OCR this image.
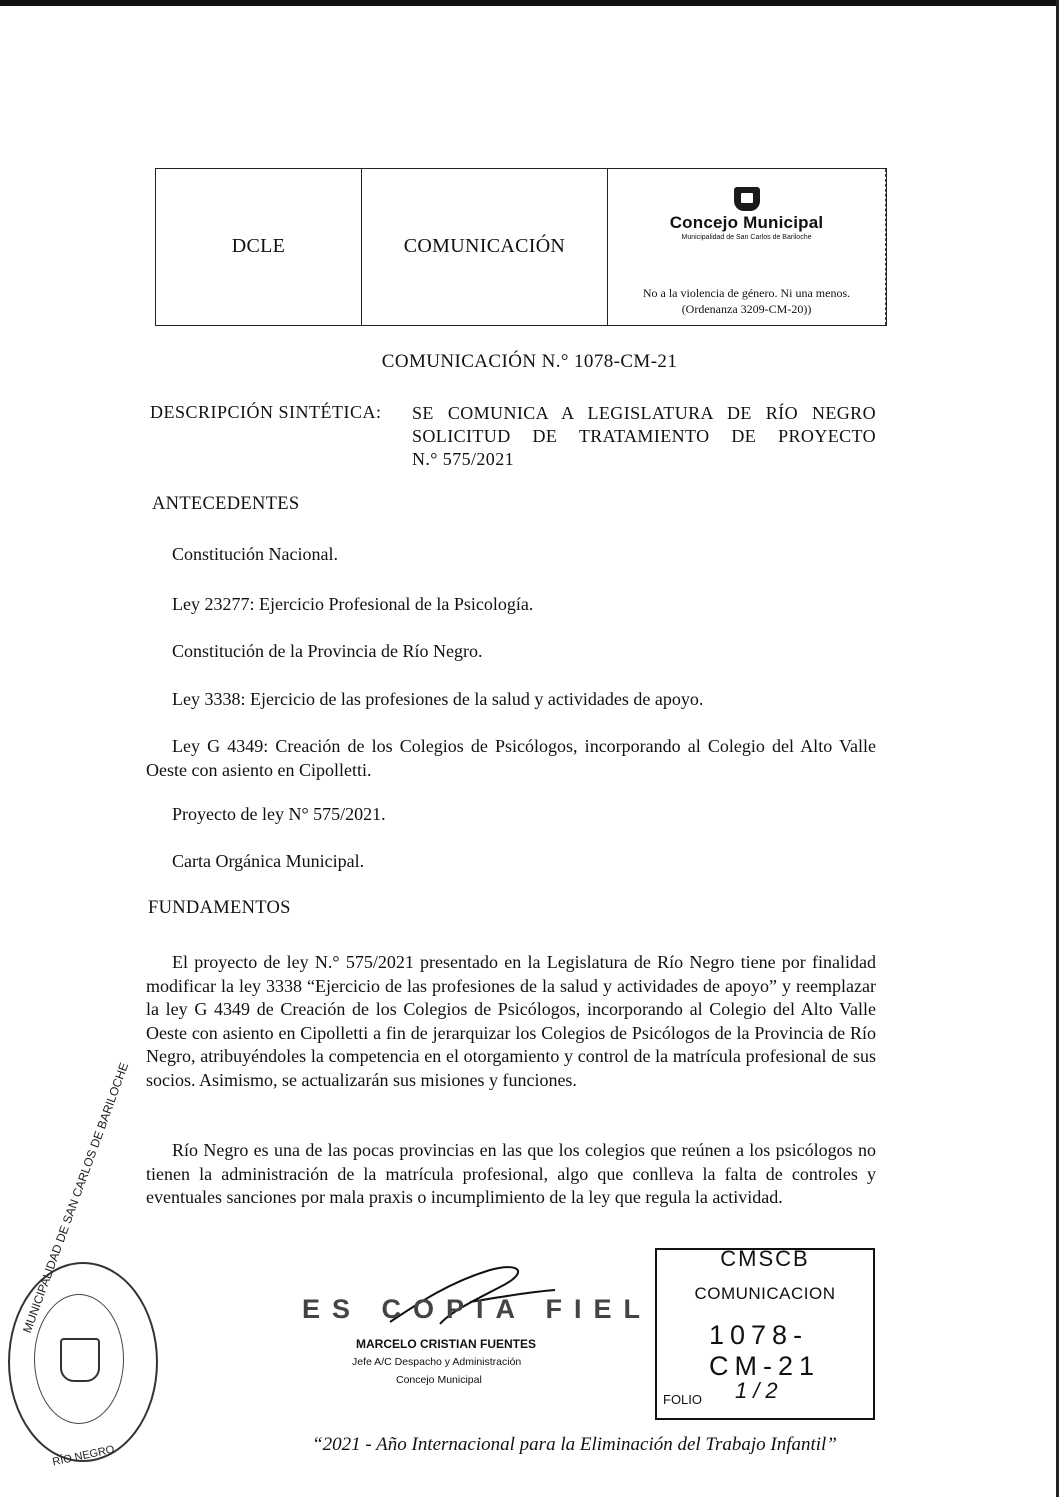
DCLE	COMUNICACIÓN
Concejo Municipal
Municipalidad de San Carlos de Bariloche
No a la violencia de género. Ni una menos.
(Ordenanza 3209-CM-20))
COMUNICACIÓN N.° 1078-CM-21
DESCRIPCIÓN SINTÉTICA: SE COMUNICA A LEGISLATURA DE RÍO NEGRO
SOLICITUD DE TRATAMIENTO DE PROYECTO
N.° 575/2021
ANTECEDENTES
Constitución Nacional.
Ley 23277: Ejercicio Profesional de la Psicología.
Constitución de la Provincia de Río Negro.
Ley 3338: Ejercicio de las profesiones de la salud y actividades de apoyo.
Ley G 4349: Creación de los Colegios de Psicólogos, incorporando al Colegio del Alto Valle Oeste con asiento en Cipolletti.
Proyecto de ley N° 575/2021.
Carta Orgánica Municipal.
FUNDAMENTOS
El proyecto de ley N.° 575/2021 presentado en la Legislatura de Río Negro tiene por finalidad modificar la ley 3338 “Ejercicio de las profesiones de la salud y actividades de apoyo” y reemplazar la ley G 4349 de Creación de los Colegios de Psicólogos, incorporando al Colegio del Alto Valle Oeste con asiento en Cipolletti a fin de jerarquizar los Colegios de Psicólogos de la Provincia de Río Negro, atribuyéndoles la competencia en el otorgamiento y control de la matrícula profesional de sus socios. Asimismo, se actualizarán sus misiones y funciones.
Río Negro es una de las pocas provincias en las que los colegios que reúnen a los psicólogos no tienen la administración de la matrícula profesional, algo que conlleva la falta de controles y eventuales sanciones por mala praxis o incumplimiento de la ley que regula la actividad.
MUNICIPALIDAD DE SAN CARLOS DE BARILOCHE
RÍO NEGRO
ES COPIA FIEL
MARCELO CRISTIAN FUENTES
Jefe A/C Despacho y Administración
Concejo Municipal
CMSCB
COMUNICACION
1078-CM-21
FOLIO 1/2
“2021 - Año Internacional para la Eliminación del Trabajo Infantil”
